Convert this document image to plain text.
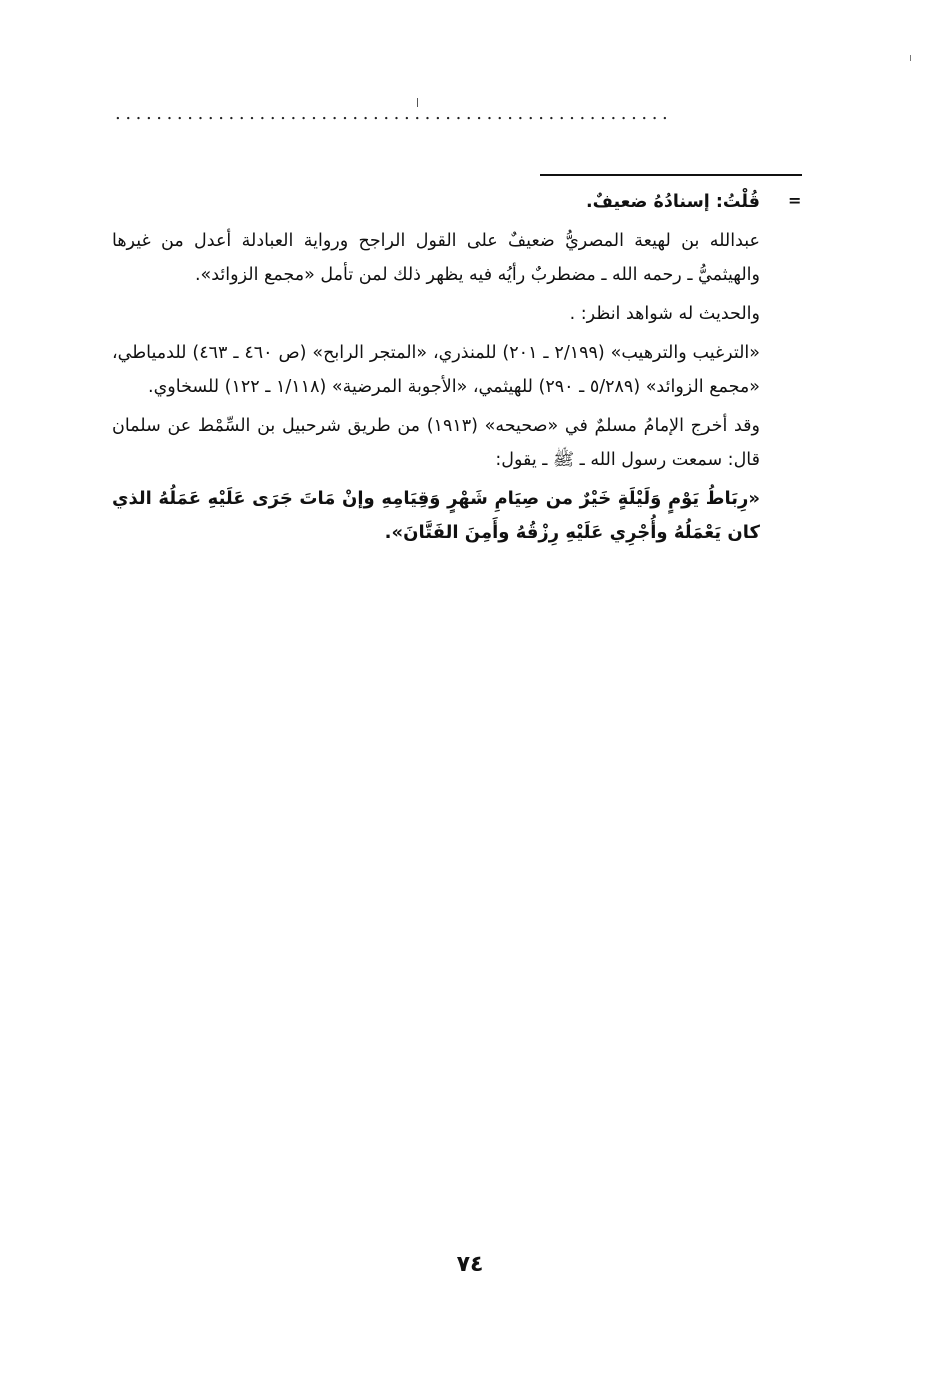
......................................................
=

قُلْتُ: إسنادُهُ ضعيفٌ.

عبدالله بن لهيعة المصريُّ ضعيفٌ على القول الراجح ورواية العبادلة أعدل من غيرها والهيثميُّ ـ رحمه الله ـ مضطربٌ رأيُه فيه يظهر ذلك لمن تأمل «مجمع الزوائد».

والحديث له شواهد انظر: .

«الترغيب والترهيب» (٢/١٩٩ ـ ٢٠١) للمنذري، «المتجر الرابح» (ص ٤٦٠ ـ ٤٦٣) للدمياطي، «مجمع الزوائد» (٥/٢٨٩ ـ ٢٩٠) للهيثمي، «الأجوبة المرضية» (١/١١٨ ـ ١٢٢) للسخاوي.

وقد أخرج الإمامُ مسلمٌ في «صحيحه» (١٩١٣) من طريق شرحبيل بن السِّمْط عن سلمان قال: سمعت رسول الله ـ ﷺ ـ يقول:

«رِبَاطُ يَوْمٍ وَلَيْلَةٍ خَيْرٌ من صِيَامِ شَهْرٍ وَقِيَامِهِ وإنْ مَاتَ جَرَى عَلَيْهِ عَمَلُهُ الذي كان يَعْمَلُهُ وأُجْرِي عَلَيْهِ رِزْقُهُ وأَمِنَ الفَتَّانَ».

٧٤
